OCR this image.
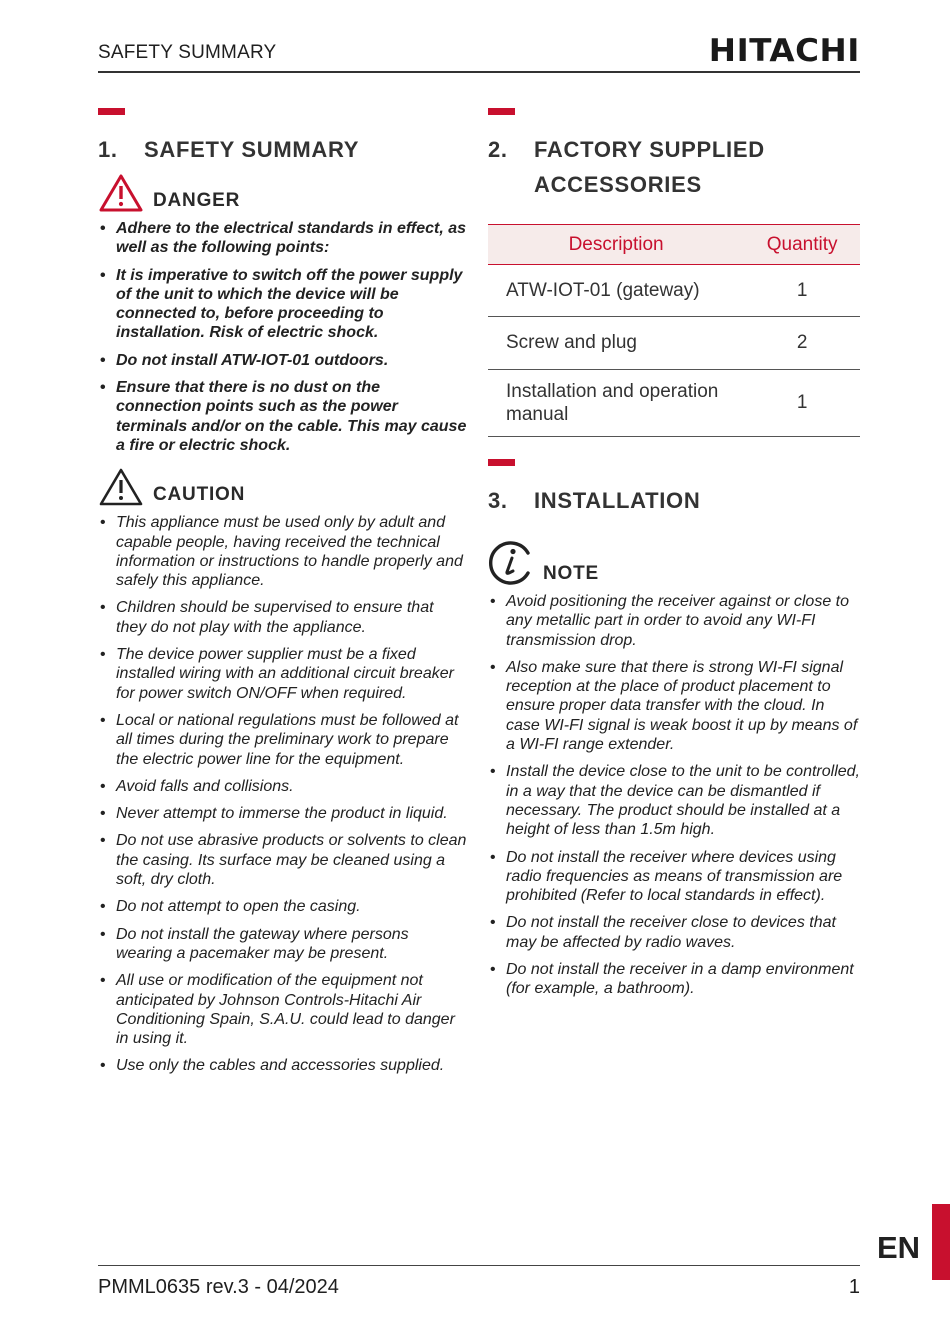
SAFETY SUMMARY	HITACHI
1.	SAFETY SUMMARY
DANGER
• Adhere to the electrical standards in effect, as well as the following points:
• It is imperative to switch off the power supply of the unit to which the device will be connected to, before proceeding to installation. Risk of electric shock.
• Do not install ATW-IOT-01 outdoors.
• Ensure that there is no dust on the connection points such as the power terminals and/or on the cable. This may cause a fire or electric shock.
CAUTION
• This appliance must be used only by adult and capable people, having received the technical information or instructions to handle properly and safely this appliance.
• Children should be supervised to ensure that they do not play with the appliance.
• The device power supplier must be a fixed installed wiring with an additional circuit breaker for power switch ON/OFF when required.
• Local or national regulations must be followed at all times during the preliminary work to prepare the electric power line for the equipment.
• Avoid falls and collisions.
• Never attempt to immerse the product in liquid.
• Do not use abrasive products or solvents to clean the casing. Its surface may be cleaned using a soft, dry cloth.
• Do not attempt to open the casing.
• Do not install the gateway where persons wearing a pacemaker may be present.
• All use or modification of the equipment not anticipated by Johnson Controls-Hitachi Air Conditioning Spain, S.A.U. could lead to danger in using it.
• Use only the cables and accessories supplied.
2.	FACTORY SUPPLIED
ACCESSORIES
Description	Quantity
ATW-IOT-01 (gateway)	1
Screw and plug	2
Installation and operation manual	1
3.	INSTALLATION
NOTE
• Avoid positioning the receiver against or close to any metallic part in order to avoid any WI-FI transmission drop.
• Also make sure that there is strong WI-FI signal reception at the place of product placement to ensure proper data transfer with the cloud. In case WI-FI signal is weak boost it up by means of a WI-FI range extender.
• Install the device close to the unit to be controlled, in a way that the device can be dismantled if necessary. The product should be installed at a height of less than 1.5m high.
• Do not install the receiver where devices using radio frequencies as means of transmission are prohibited (Refer to local standards in effect).
• Do not install the receiver close to devices that may be affected by radio waves.
• Do not install the receiver in a damp environment (for example, a bathroom).
EN
PMML0635 rev.3 - 04/2024	1
